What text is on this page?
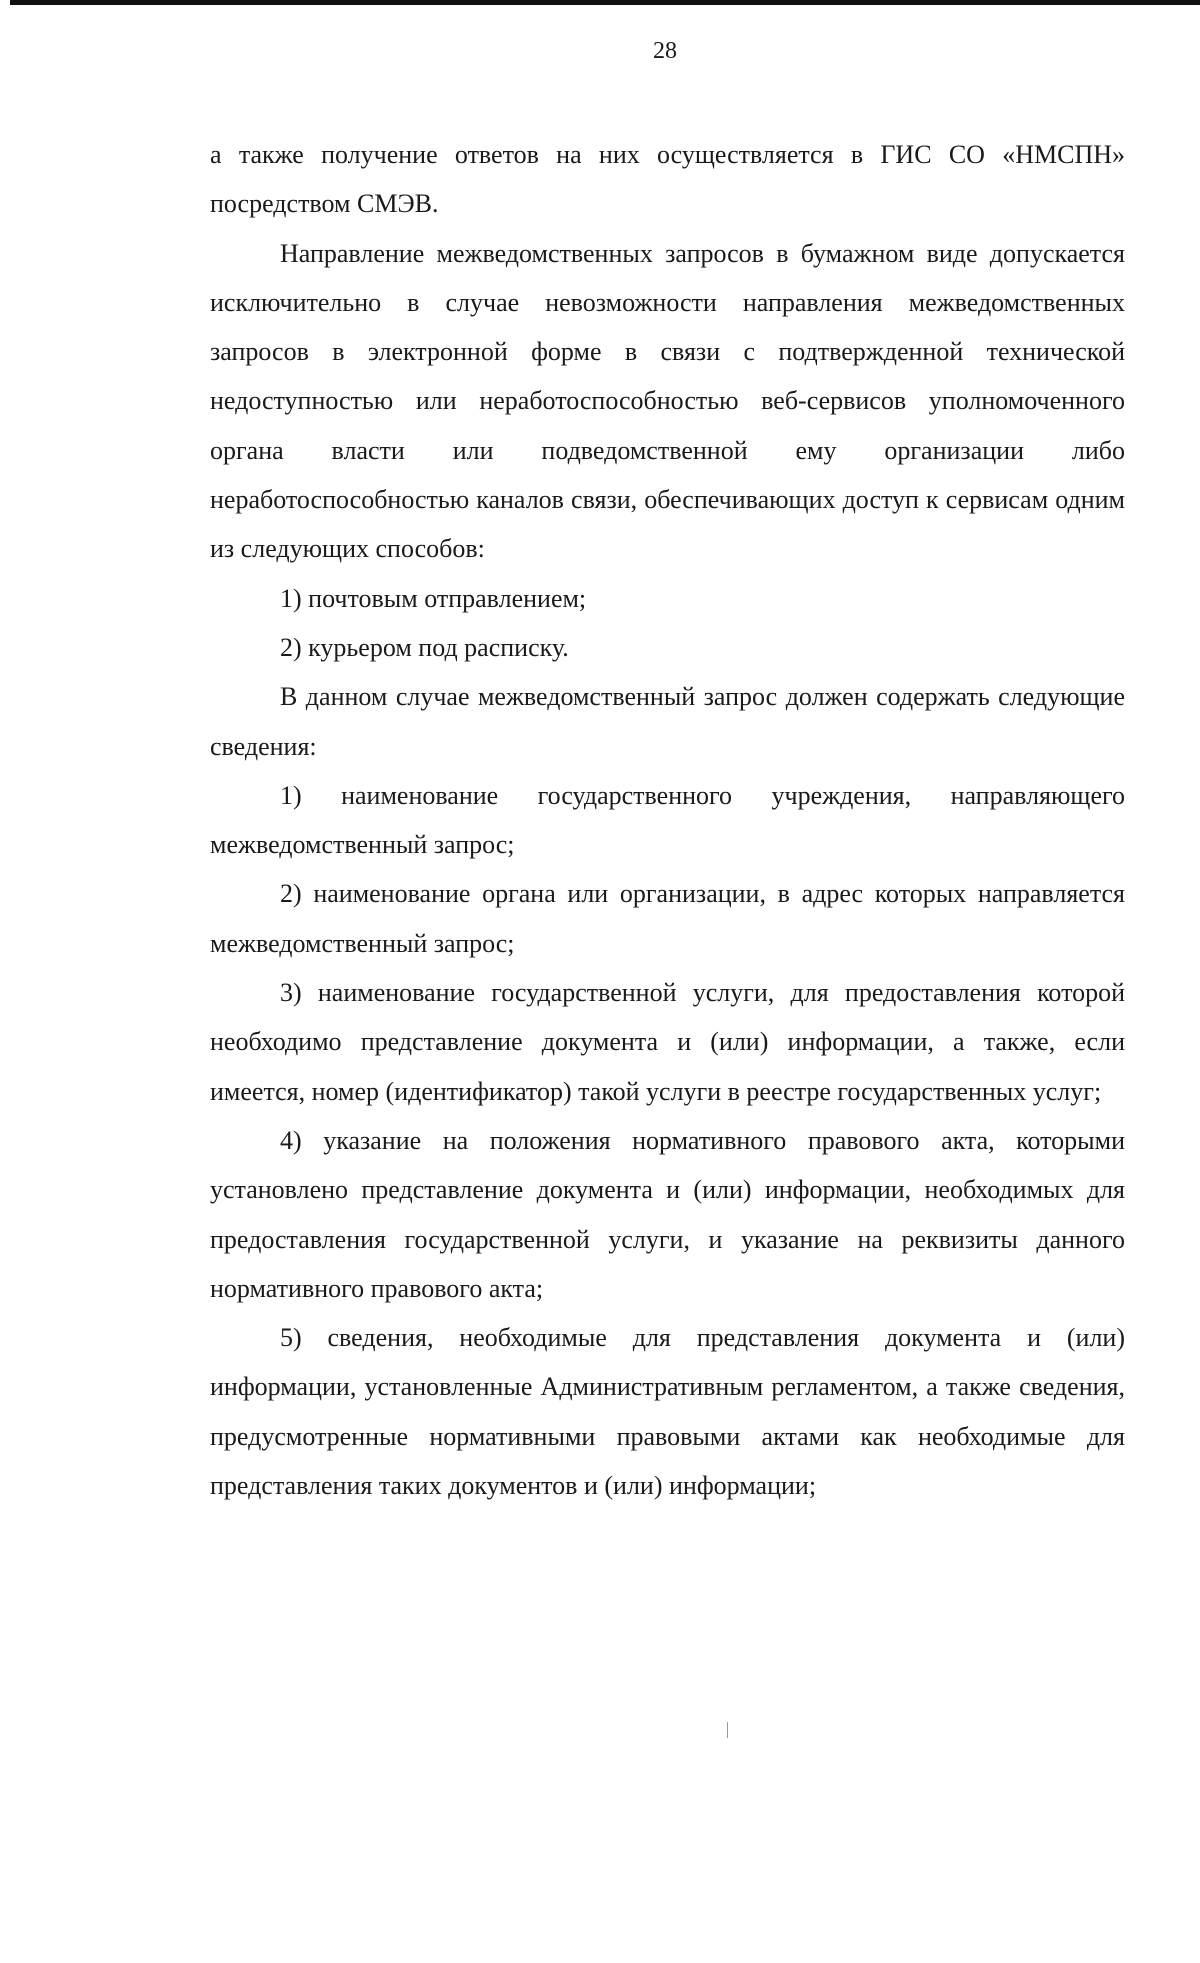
28

а также получение ответов на них осуществляется в ГИС СО «НМСПН» посредством СМЭВ.

Направление межведомственных запросов в бумажном виде допускается исключительно в случае невозможности направления межведомственных запросов в электронной форме в связи с подтвержденной технической недоступностью или неработоспособностью веб-сервисов уполномоченного органа власти или подведомственной ему организации либо неработоспособностью каналов связи, обеспечивающих доступ к сервисам одним из следующих способов:

1) почтовым отправлением;

2) курьером под расписку.

В данном случае межведомственный запрос должен содержать следующие сведения:

1) наименование государственного учреждения, направляющего межведомственный запрос;

2) наименование органа или организации, в адрес которых направляется межведомственный запрос;

3) наименование государственной услуги, для предоставления которой необходимо представление документа и (или) информации, а также, если имеется, номер (идентификатор) такой услуги в реестре государственных услуг;

4) указание на положения нормативного правового акта, которыми установлено представление документа и (или) информации, необходимых для предоставления государственной услуги, и указание на реквизиты данного нормативного правового акта;

5) сведения, необходимые для представления документа и (или) информации, установленные Административным регламентом, а также сведения, предусмотренные нормативными правовыми актами как необходимые для представления таких документов и (или) информации;
